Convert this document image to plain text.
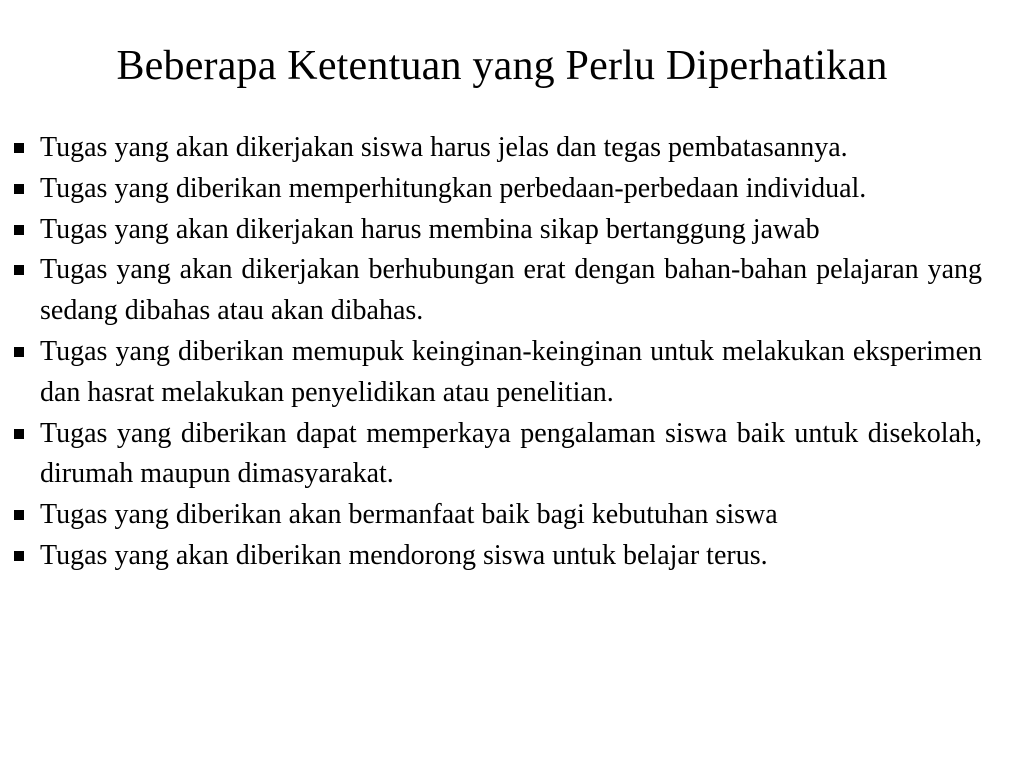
Beberapa Ketentuan yang Perlu Diperhatikan
Tugas yang akan dikerjakan siswa harus jelas dan tegas pembatasannya.
Tugas yang diberikan memperhitungkan perbedaan-perbedaan individual.
Tugas yang akan dikerjakan harus membina sikap bertanggung jawab
Tugas yang akan dikerjakan berhubungan erat dengan bahan-bahan pelajaran yang sedang dibahas atau akan dibahas.
Tugas yang diberikan memupuk keinginan-keinginan untuk melakukan eksperimen dan hasrat melakukan penyelidikan atau penelitian.
Tugas yang diberikan dapat memperkaya pengalaman siswa baik untuk disekolah, dirumah maupun dimasyarakat.
Tugas yang diberikan akan bermanfaat baik bagi kebutuhan siswa
Tugas yang akan diberikan mendorong siswa untuk belajar terus.
